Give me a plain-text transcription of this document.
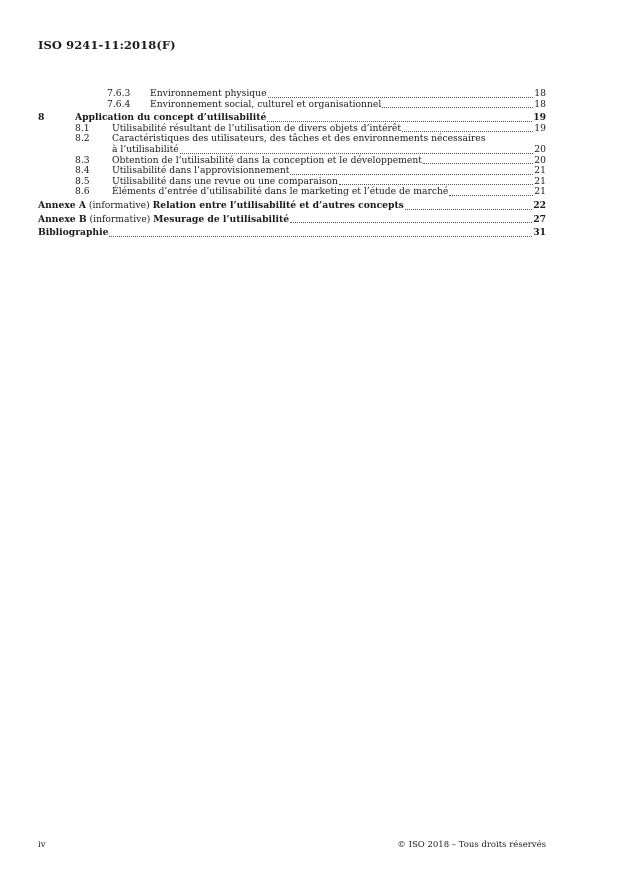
ISO 9241-11:2018(F)
7.6.3	Environnement physique	18
7.6.4	Environnement social, culturel et organisationnel	18
8	Application du concept d’utilisabilité	19
8.1	Utilisabilité résultant de l’utilisation de divers objets d’intérêt	19
8.2	Caractéristiques des utilisateurs, des tâches et des environnements nécessaires
à l’utilisabilité	20
8.3	Obtention de l’utilisabilité dans la conception et le développement	20
8.4	Utilisabilité dans l’approvisionnement	21
8.5	Utilisabilité dans une revue ou une comparaison	21
8.6	Éléments d’entrée d’utilisabilité dans le marketing et l’étude de marché	21
Annexe A (informative) Relation entre l’utilisabilité et d’autres concepts	22
Annexe B (informative) Mesurage de l’utilisabilité	27
Bibliographie	31
iv	© ISO 2018 – Tous droits réservés
